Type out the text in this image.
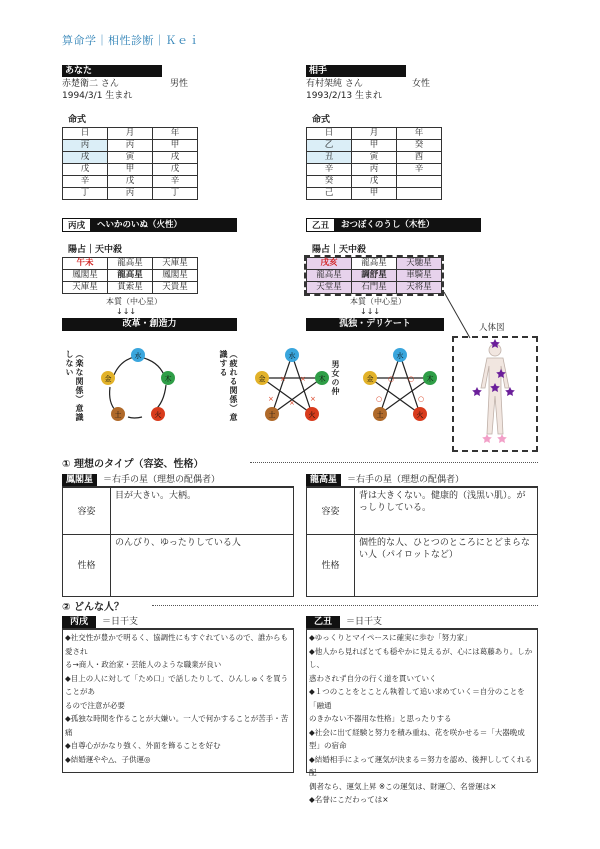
算命学｜相性診断｜Ｋｅｉ
あなた
赤楚衛二 さん	男性
1994/3/1 生まれ
命式
日	月	年
丙	丙	甲
戌	寅	戌
戊	甲	戊
辛	戊	辛
丁	丙	丁
丙戌	へいかのいぬ（火性）
陽占｜天中殺
午未	龍高星	天庫星
鳳閣星	龍高星	鳳閣星
天庫星	貫索星	天貴星
本質（中心星）
↓↓↓
改革・創造力
相手
有村架純 さん	女性
1993/2/13 生まれ
命式
日	月	年
乙	甲	癸
丑	寅	酉
辛	丙	辛
癸	戊	
己	甲	
乙丑	おつぼくのうし（木性）
陽占｜天中殺
戌亥	龍高星	天馳星
龍高星	調舒星	車騎星
天堂星	石門星	天将星
本質（中心星）
↓↓↓
孤独・デリケート	人体図
（楽な関係）意識しない	水
木
火
土
金	（疲れる関係）意識する
× ×
×	×
×
水
木
火
土
金	男女の仲	○ ○
○	○
水
木
火
土
金
① 理想のタイプ（容姿、性格）
鳳閣星	＝右手の星（理想の配偶者）
容姿
目が大きい。大柄。
性格
のんびり、ゆったりしている人
龍高星	＝右手の星（理想の配偶者）
容姿
背は大きくない。健康的（浅黒い肌）。がっしりしている。
性格
個性的な人、ひとつのところにとどまらない人（パイロットなど）
② どんな人？
丙戌	＝日干支
◆社交性が豊かで明るく、協調性にもすぐれているので、誰からも愛され
る→商人・政治家・芸能人のような職業が良い
◆目上の人に対して「ため口」で話したりして、ひんしゅくを買うことがあ
るので注意が必要
◆孤独な時間を作ることが大嫌い。一人で何かすることが苦手・苦痛
◆自尊心がかなり強く、外面を飾ることを好む
◆結婚運やや△、子供運◎
乙丑	＝日干支
◆ゆっくりとマイペースに確実に歩む「努力家」
◆他人から見ればとても穏やかに見えるが、心には葛藤あり。しかし、
惑わされず自分の行く道を貫いていく
◆１つのことをとことん執着して追い求めていく＝自分のことを「融通
のきかない不器用な性格」と思ったりする
◆社会に出て経験と努力を積み重ね、花を咲かせる＝「大器晩成
型」の宿命
◆結婚相手によって運気が決まる＝努力を認め、後押ししてくれる配
偶者なら、運気上昇 ※この運気は、財運〇、名誉運は×
◆名誉にこだわっては×
